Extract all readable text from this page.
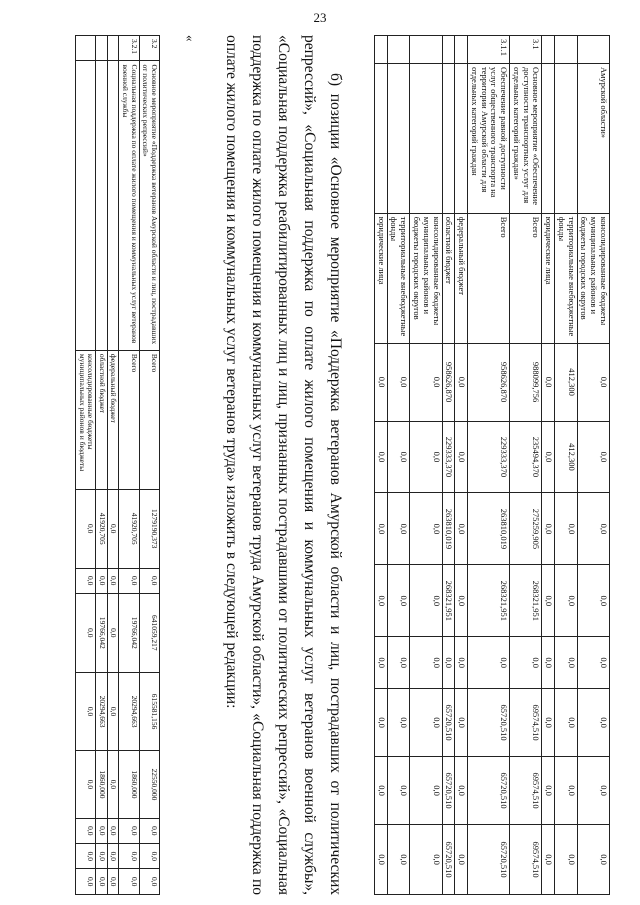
23
	Амурской области»	консолидированные бюджеты муниципальных районов и бюджеты городских округов	0,0	0,0	0,0	0,0	0,0	0,0	0,0	0,0
		территориальные внебюджетные фонды	412,300	412,300	0,0	0,0	0,0	0,0	0,0	0,0
		юридические лица	0,0	0,0	0,0	0,0	0,0	0,0	0,0	0,0
3.1	Основное мероприятие «Обеспечение доступности транспортных услуг для отдельных категорий граждан»	Всего	988099,756	235494,370	275259,905	268321,951	0,0	69574,510	69574,510	69574,510
3.1.1	Обеспечение равной доступности услуг общественного транспорта на территории Амурской области для отдельных категорий граждан	Всего	958626,870	229333,370	263810,019	268321,951	0,0	65720,510	65720,510	65720,510
		федеральный бюджет	0,0	0,0	0,0	0,0	0,0	0,0	0,0	0,0
		областной бюджет	958626,870	229333,370	263810,019	268321,951	0,0	65720,510	65720,510	65720,510
		консолидированные бюджеты муниципальных районов и бюджеты городских округов	0,0	0,0	0,0	0,0	0,0	0,0	0,0	0,0
		территориальные внебюджетные фонды	0,0	0,0	0,0	0,0	0,0	0,0	0,0	0,0
		юридические лица	0,0	0,0	0,0	0,0	0,0	0,0	0,0	0,0
б) позиции «Основное мероприятие «Поддержка ветеранов Амурской области и лиц, пострадавших от политических репрессий», «Социальная поддержка по оплате жилого помещения и коммунальных услуг ветеранов военной службы», «Социальная поддержка реабилитированных лиц и лиц, признанных пострадавшими от политических репрессий», «Социальная поддержка по оплате жилого помещения и коммунальных услуг ветеранов труда Амурской области», «Социальная поддержка по оплате жилого помещения и коммунальных услуг ветеранов труда» изложить в следующей редакции:
«
3.2	Основное мероприятие «Поддержка ветеранов Амурской области и лиц, пострадавших от политических репрессий»	Всего	1279190,373	0,0	641059,217	615581,156	22550,000	0,0	0,0	0,0
3.2.1	Социальная поддержка по оплате жилого помещения и коммунальных услуг ветеранов военной службы	Всего	41920,705	0,0	19766,042	20294,663	1860,000	0,0	0,0	0,0
		федеральный бюджет	0,0	0,0	0,0	0,0	0,0	0,0	0,0	0,0
		областной бюджет	41920,705	0,0	19766,042	20294,663	1860,000	0,0	0,0	0,0
		консолидированные бюджеты муниципальных районов и бюджеты	0,0	0,0	0,0	0,0	0,0	0,0	0,0	0,0
